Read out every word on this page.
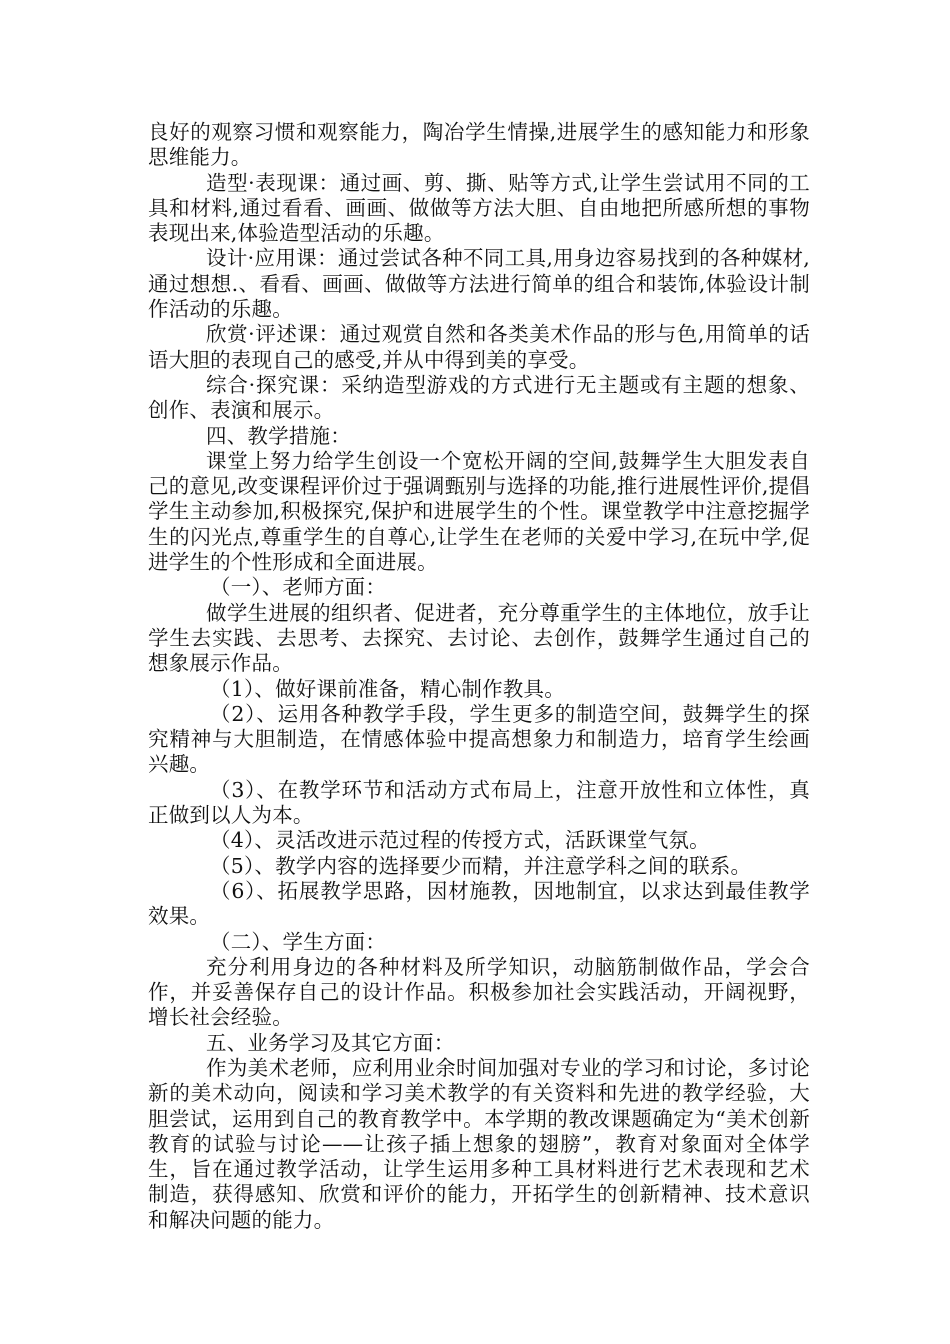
良好的观察习惯和观察能力，陶冶学生情操,进展学生的感知能力和形象思维能力。

造型·表现课：通过画、剪、撕、贴等方式,让学生尝试用不同的工具和材料,通过看看、画画、做做等方法大胆、自由地把所感所想的事物表现出来,体验造型活动的乐趣。

设计·应用课：通过尝试各种不同工具,用身边容易找到的各种媒材,通过想想.、看看、画画、做做等方法进行简单的组合和装饰,体验设计制作活动的乐趣。

欣赏·评述课：通过观赏自然和各类美术作品的形与色,用简单的话语大胆的表现自己的感受,并从中得到美的享受。

综合·探究课：采纳造型游戏的方式进行无主题或有主题的想象、创作、表演和展示。

四、教学措施：

课堂上努力给学生创设一个宽松开阔的空间,鼓舞学生大胆发表自己的意见,改变课程评价过于强调甄别与选择的功能,推行进展性评价,提倡学生主动参加,积极探究,保护和进展学生的个性。课堂教学中注意挖掘学生的闪光点,尊重学生的自尊心,让学生在老师的关爱中学习,在玩中学,促进学生的个性形成和全面进展。

（一）、老师方面：

做学生进展的组织者、促进者，充分尊重学生的主体地位，放手让学生去实践、去思考、去探究、去讨论、去创作，鼓舞学生通过自己的想象展示作品。

（1）、做好课前准备，精心制作教具。

（2）、运用各种教学手段，学生更多的制造空间，鼓舞学生的探究精神与大胆制造，在情感体验中提高想象力和制造力，培育学生绘画兴趣。

（3）、在教学环节和活动方式布局上，注意开放性和立体性，真正做到以人为本。

（4）、灵活改进示范过程的传授方式，活跃课堂气氛。

（5）、教学内容的选择要少而精，并注意学科之间的联系。

（6）、拓展教学思路，因材施教，因地制宜，以求达到最佳教学效果。

（二）、学生方面：

充分利用身边的各种材料及所学知识，动脑筋制做作品，学会合作，并妥善保存自己的设计作品。积极参加社会实践活动，开阔视野，增长社会经验。

五、业务学习及其它方面：

作为美术老师，应利用业余时间加强对专业的学习和讨论，多讨论新的美术动向，阅读和学习美术教学的有关资料和先进的教学经验，大胆尝试，运用到自己的教育教学中。本学期的教改课题确定为“美术创新教育的试验与讨论——让孩子插上想象的翅膀”，教育对象面对全体学生，旨在通过教学活动，让学生运用多种工具材料进行艺术表现和艺术制造，获得感知、欣赏和评价的能力，开拓学生的创新精神、技术意识和解决问题的能力。
